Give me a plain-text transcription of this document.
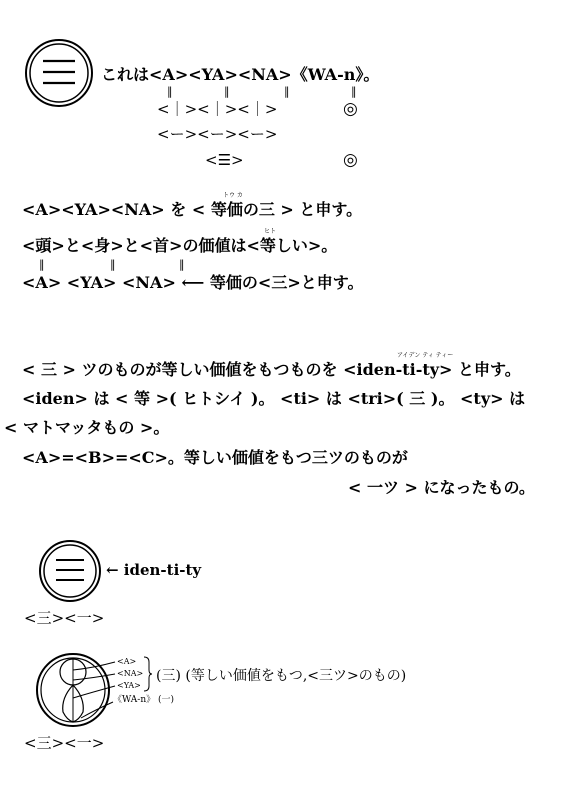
これは<A><YA><NA>《WA-n》。
‖	‖	‖	‖
<｜><｜><｜>	◎
<ー><ー><ー>
<☰>	◎
トウ カ
<A><YA><NA> を < 等価の三 > と申す。
ヒト
<頭>と<身>と<首>の価値は<等しい>。
‖	‖	‖
<A> <YA> <NA> ⟵ 等価の<三>と申す。
アイデン ティ ティー
< 三 > ツのものが等しい価値をもつものを <iden-ti-ty> と申す。
<iden> は < 等 >( ヒトシイ )。 <ti> は <tri>( 三 )。 <ty> は
< マトマッタもの >。
<A>=<B>=<C>。等しい価値をもつ三ツのものが
< 一ツ > になったもの。
← iden-ti-ty
<三><一>
<A>
<NA>
<YA>
《WA-n》 (一)
(三) (等しい価値をもつ,<三ツ>のもの)
<三><一>
